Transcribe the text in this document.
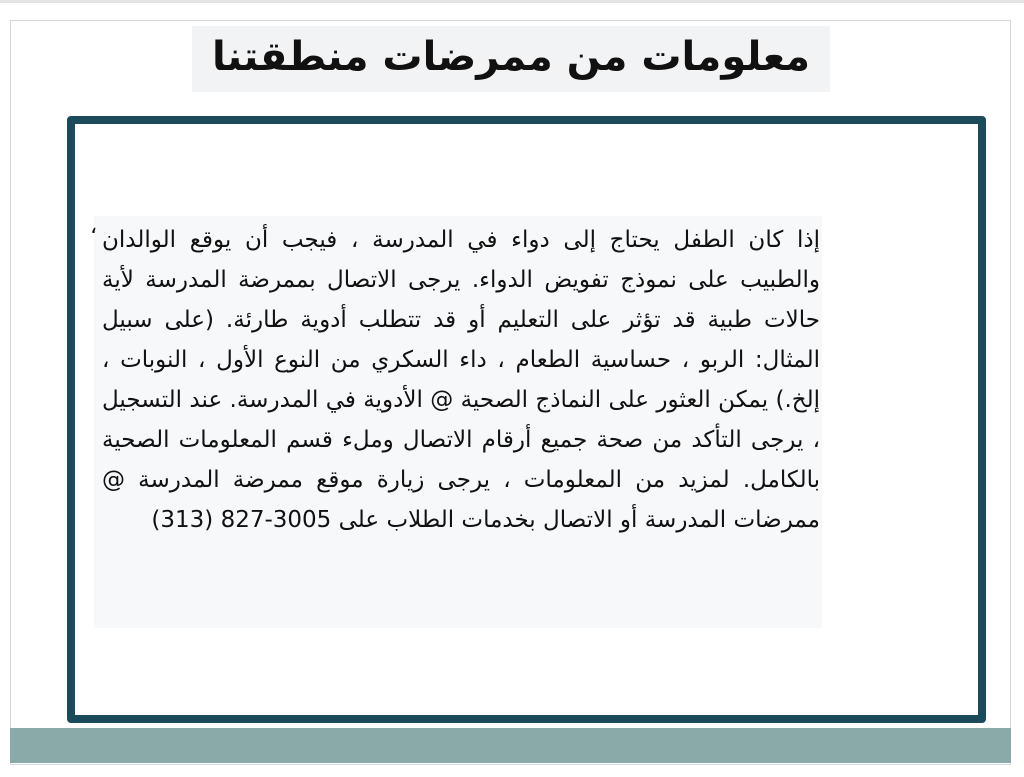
معلومات من ممرضات منطقتنا

إذا كان الطفل يحتاج إلى دواء في المدرسة ، فيجب أن يوقع الوالدان والطبيب على نموذج تفويض الدواء. يرجى الاتصال بممرضة المدرسة لأية حالات طبية قد تؤثر على التعليم أو قد تتطلب أدوية طارئة. (على سبيل المثال: الربو ، حساسية الطعام ، داء السكري من النوع الأول ، النوبات ، إلخ.) يمكن العثور على النماذج الصحية @ الأدوية في المدرسة. عند التسجيل ، يرجى التأكد من صحة جميع أرقام الاتصال وملء قسم المعلومات الصحية بالكامل. لمزيد من المعلومات ، يرجى زيارة موقع ممرضة المدرسة @ ممرضات المدرسة أو الاتصال بخدمات الطلاب على 3005-827 (313)

،
